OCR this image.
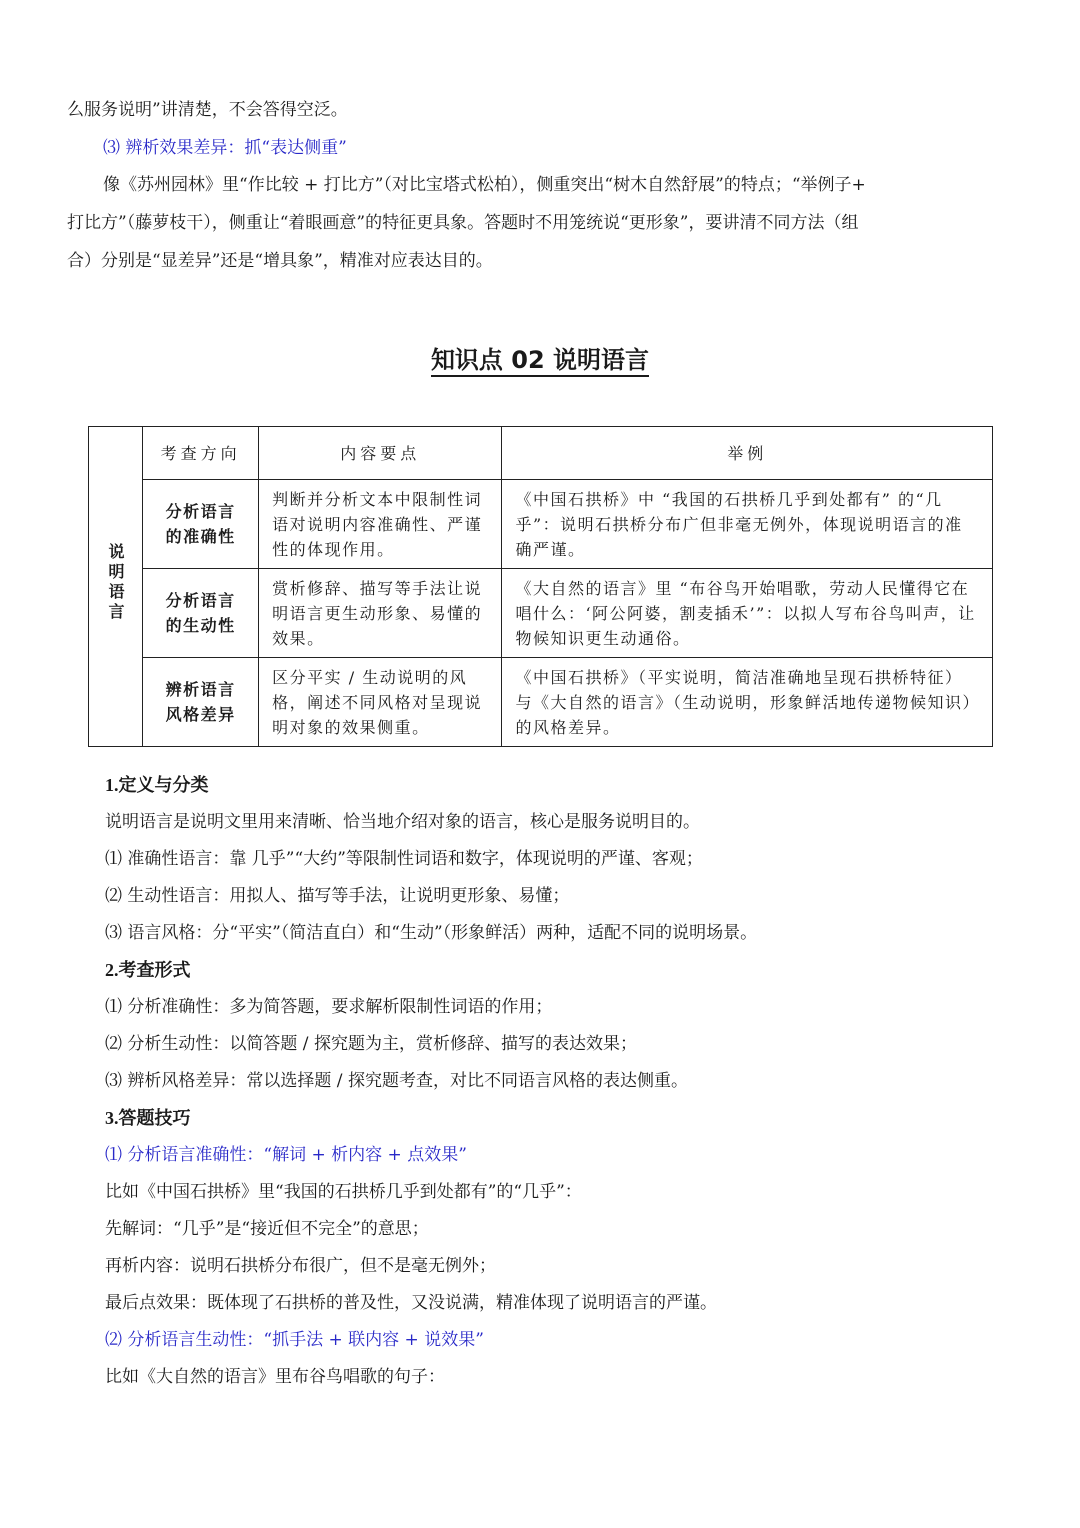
么服务说明”讲清楚，不会答得空泛。
⑶ 辨析效果差异：抓“表达侧重”
像《苏州园林》里“作比较 + 打比方”（对比宝塔式松柏），侧重突出“树木自然舒展”的特点；“举例子+
打比方”（藤萝枝干），侧重让“着眼画意”的特征更具象。答题时不用笼统说“更形象”，要讲清不同方法（组
合）分别是“显差异”还是“增具象”，精准对应表达目的。
知识点 02 说明语言
说明语言	考查方向	内容要点	举例

	分析语言
的准确性	判断并分析文本中限制性词语对说明内容准确性、严谨性的体现作用。	《中国石拱桥》中 “我国的石拱桥几乎到处都有” 的“几乎”：说明石拱桥分布广但非毫无例外，体现说明语言的准确严谨。

	分析语言
的生动性	赏析修辞、描写等手法让说明语言更生动形象、易懂的效果。	《大自然的语言》里 “布谷鸟开始唱歌，劳动人民懂得它在唱什么：‘阿公阿婆，割麦插禾’”：以拟人写布谷鸟叫声，让物候知识更生动通俗。

	辨析语言
风格差异	区分平实 / 生动说明的风格，阐述不同风格对呈现说明对象的效果侧重。	《中国石拱桥》（平实说明，简洁准确地呈现石拱桥特征）与《大自然的语言》（生动说明，形象鲜活地传递物候知识）的风格差异。
1.定义与分类
说明语言是说明文里用来清晰、恰当地介绍对象的语言，核心是服务说明目的。
⑴ 准确性语言：靠 几乎”“大约”等限制性词语和数字，体现说明的严谨、客观；
⑵ 生动性语言：用拟人、描写等手法，让说明更形象、易懂；
⑶ 语言风格：分“平实”（简洁直白）和“生动”（形象鲜活）两种，适配不同的说明场景。
2.考查形式
⑴ 分析准确性：多为简答题，要求解析限制性词语的作用；
⑵ 分析生动性：以简答题 / 探究题为主，赏析修辞、描写的表达效果；
⑶ 辨析风格差异：常以选择题 / 探究题考查，对比不同语言风格的表达侧重。
3.答题技巧
⑴ 分析语言准确性：“解词 + 析内容 + 点效果”
比如《中国石拱桥》里“我国的石拱桥几乎到处都有”的“几乎”：
先解词：“几乎”是“接近但不完全”的意思；
再析内容：说明石拱桥分布很广，但不是毫无例外；
最后点效果：既体现了石拱桥的普及性，又没说满，精准体现了说明语言的严谨。
⑵ 分析语言生动性：“抓手法 + 联内容 + 说效果”
比如《大自然的语言》里布谷鸟唱歌的句子：
